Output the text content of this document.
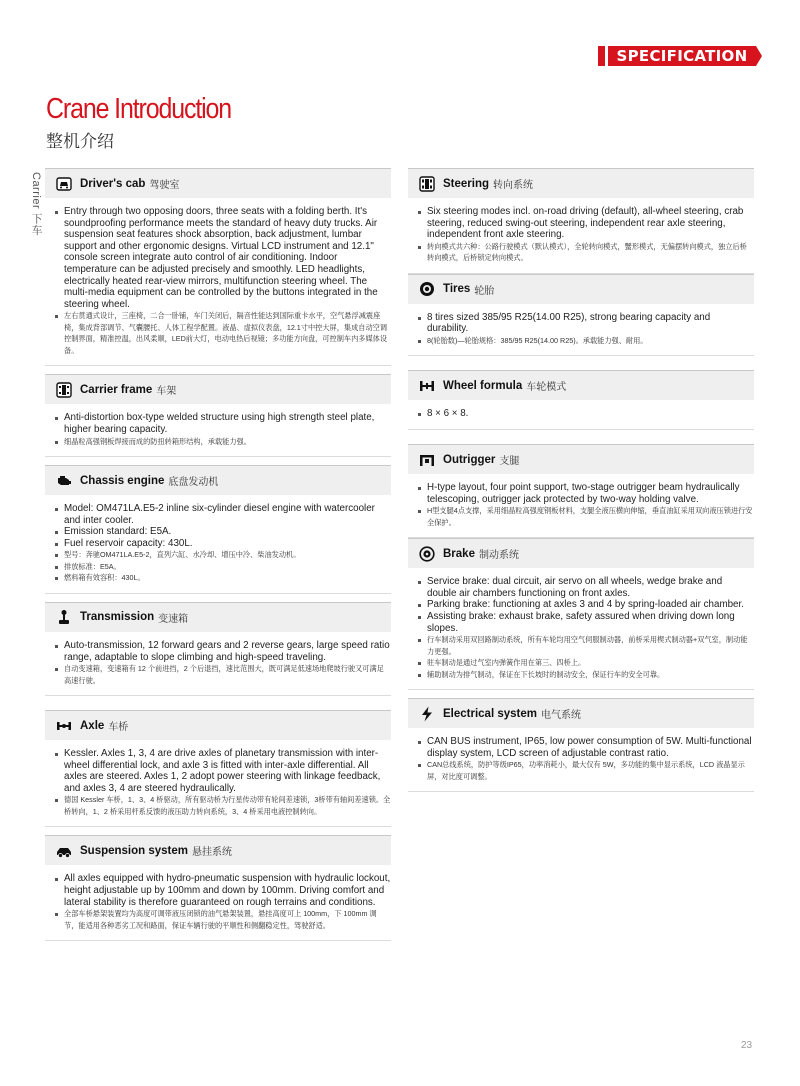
SPECIFICATION
Crane Introduction
整机介绍
Carrier 下车	Driver's cab 驾驶室
Entry through two opposing doors, three seats with a folding berth. It's soundproofing performance meets the standard of heavy duty trucks. Air suspension seat features shock absorption, back adjustment, lumbar support and other ergonomic designs. Virtual LCD instrument and 12.1" console screen integrate auto control of air conditioning. Indoor temperature can be adjusted precisely and smoothly. LED headlights, electrically heated rear-view mirrors, multifunction steering wheel. The multi-media equipment can be controlled by the buttons integrated in the steering wheel.
左右贯通式设计，三座椅，二合一卧铺，车门关闭后，隔音性能达到国际重卡水平，空气悬浮减震座椅，集成背部调节、气囊腰托、人体工程学配置。液晶、虚拟仪表盘，12.1寸中控大屏，集成自动空调控制界面，精准控温，出风柔顺，LED前大灯，电动电热后视镜；多功能方向盘，可控制车内多媒体设备。
Carrier frame 车架
Anti-distortion box-type welded structure using high strength steel plate, higher bearing capacity.
细晶粒高强钢板焊接而成的防扭转箱形结构，承载能力强。
Chassis engine 底盘发动机
Model: OM471LA.E5-2 inline six-cylinder diesel engine with watercooler and inter cooler.
Emission standard: E5A.
Fuel reservoir capacity: 430L.
型号：奔驰OM471LA.E5-2，直列六缸、水冷却、增压中冷、柴油发动机。
排放标准：E5A。
燃料箱有效容积：430L。
Transmission 变速箱
Auto-transmission, 12 forward gears and 2 reverse gears, large speed ratio range, adaptable to slope climbing and high-speed traveling.
自动变速箱，变速箱有 12 个前进挡，2 个后退挡，速比范围大，既可满足低速场地爬坡行驶又可满足高速行驶。
Axle 车桥
Kessler. Axles 1, 3, 4 are drive axles of planetary transmission with inter-wheel differential lock, and axle 3 is fitted with inter-axle differential. All axles are steered. Axles 1, 2 adopt power steering with linkage feedback, and axles 3, 4 are steered hydraulically.
德国 Kessler 车桥，1、3、4 桥驱动，所有驱动桥为行星传动带有轮间差速锁，3桥带有轴间差速锁。全桥转向，1、2 桥采用杆系反馈的液压助力转向系统，3、4 桥采用电液控制转向。
Suspension system 悬挂系统
All axles equipped with hydro-pneumatic suspension with hydraulic lockout, height adjustable up by 100mm and down by 100mm. Driving comfort and lateral stability is therefore guaranteed on rough terrains and conditions.
全部车桥悬架装置均为高度可调带液压闭锁的油气悬架装置，悬挂高度可上 100mm，下 100mm 调节，能适用各种恶劣工况和路面，保证车辆行驶的平顺性和侧翻稳定性，驾驶舒适。
Steering 转向系统
Six steering modes incl. on-road driving (default), all-wheel steering, crab steering, reduced swing-out steering, independent rear axle steering, independent front axle steering.
转向模式共六种：公路行驶模式（默认模式），全轮转向模式，蟹形模式，无偏摆转向模式，独立后桥转向模式，后桥锁定转向模式。
Tires 轮胎
8 tires sized 385/95 R25(14.00 R25), strong bearing capacity and durability.
8(轮胎数)—轮胎规格：385/95 R25(14.00 R25)。承载能力强、耐用。
Wheel formula 车轮模式
8 × 6 × 8.
Outrigger 支腿
H-type layout, four point support, two-stage outrigger beam hydraulically telescoping, outrigger jack protected by two-way holding valve.
H型支腿4点支撑，采用细晶粒高强度钢板材料，支腿全液压横向伸缩，垂直油缸采用双向液压锁进行安全保护。
Brake 制动系统
Service brake: dual circuit, air servo on all wheels, wedge brake and double air chambers functioning on front axles.
Parking brake: functioning at axles 3 and 4 by spring-loaded air chamber.
Assisting brake: exhaust brake, safety assured when driving down long slopes.
行车制动采用双回路制动系统，所有车轮均用空气伺服制动器，前桥采用楔式制动器+双气室，制动能力更强。
驻车制动是通过气室内弹簧作用在第三、四桥上。
辅助制动为排气制动，保证在下长坡时的制动安全，保证行车的安全可靠。
Electrical system 电气系统
CAN BUS instrument, IP65, low power consumption of 5W. Multi-functional display system, LCD screen of adjustable contrast ratio.
CAN总线系统，防护等级IP65，功率消耗小，最大仅有 5W，多功能的集中显示系统，LCD 液晶显示屏，对比度可调整。
23
